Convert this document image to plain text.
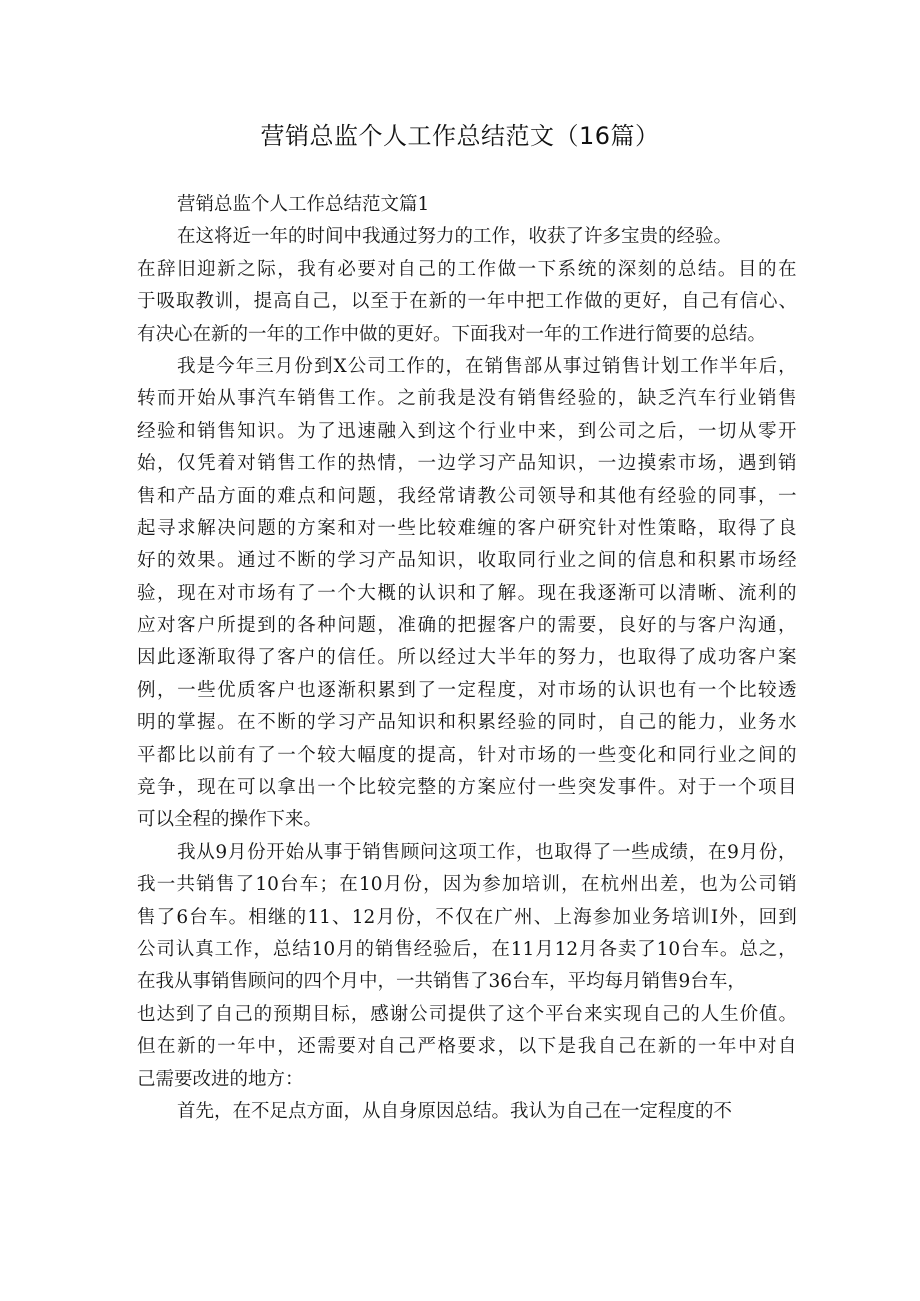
营销总监个人工作总结范文（16篇）
营销总监个人工作总结范文篇1
在这将近一年的时间中我通过努力的工作，收获了许多宝贵的经验。
在 辞 旧 迎 新 之 际 ， 我 有 必 要 对 自 己 的 工 作 做 一 下 系 统 的 深 刻 的 总 结 。 目 的 在
于 吸 取 教 训 ， 提 高 自 己 ， 以 至 于 在 新 的 一 年 中 把 工 作 做 的 更 好 ， 自 己 有 信 心 、
有决心在新的一年的工作中做的更好。下面我对一年的工作进行简要的总结。
我 是 今 年 三 月 份 到 X 公 司 工 作 的 ， 在 销 售 部 从 事 过 销 售 计 划 工 作 半 年 后 ，
转 而 开 始 从 事 汽 车 销 售 工 作 。 之 前 我 是 没 有 销 售 经 验 的 ， 缺 乏 汽 车 行 业 销 售
经 验 和 销 售 知 识 。 为 了 迅 速 融 入 到 这 个 行 业 中 来 ， 到 公 司 之 后 ， 一 切 从 零 开
始 ， 仅 凭 着 对 销 售 工 作 的 热 情 ， 一 边 学 习 产 品 知 识 ， 一 边 摸 索 市 场 ， 遇 到 销
售 和 产 品 方 面 的 难 点 和 问 题 ， 我 经 常 请 教 公 司 领 导 和 其 他 有 经 验 的 同 事 ， 一
起 寻 求 解 决 问 题 的 方 案 和 对 一 些 比 较 难 缠 的 客 户 研 究 针 对 性 策 略 ， 取 得 了 良
好 的 效 果 。 通 过 不 断 的 学 习 产 品 知 识 ， 收 取 同 行 业 之 间 的 信 息 和 积 累 市 场 经
验 ， 现 在 对 市 场 有 了 一 个 大 概 的 认 识 和 了 解 。 现 在 我 逐 渐 可 以 清 晰 、 流 利 的
应 对 客 户 所 提 到 的 各 种 问 题 ， 准 确 的 把 握 客 户 的 需 要 ， 良 好 的 与 客 户 沟 通 ，
因 此 逐 渐 取 得 了 客 户 的 信 任 。 所 以 经 过 大 半 年 的 努 力 ， 也 取 得 了 成 功 客 户 案
例 ， 一 些 优 质 客 户 也 逐 渐 积 累 到 了 一 定 程 度 ， 对 市 场 的 认 识 也 有 一 个 比 较 透
明 的 掌 握 。 在 不 断 的 学 习 产 品 知 识 和 积 累 经 验 的 同 时 ， 自 己 的 能 力 ， 业 务 水
平 都 比 以 前 有 了 一 个 较 大 幅 度 的 提 高 ， 针 对 市 场 的 一 些 变 化 和 同 行 业 之 间 的
竞 争 ， 现 在 可 以 拿 出 一 个 比 较 完 整 的 方 案 应 付 一 些 突 发 事 件 。 对 于 一 个 项 目
可以全程的操作下来。
我 从 9 月 份 开 始 从 事 于 销 售 顾 问 这 项 工 作 ， 也 取 得 了 一 些 成 绩 ， 在 9 月 份 ，
我 一 共 销 售 了 10 台 车 ； 在 10 月 份 ， 因 为 参 加 培 训 ， 在 杭 州 出 差 ， 也 为 公 司 销
售 了 6 台 车 。 相 继 的 11 、 12 月 份 ， 不 仅 在 广 州 、 上 海 参 加 业 务 培 训 I 外 ， 回 到
公 司 认 真 工 作 ， 总 结 10 月 的 销 售 经 验 后 ， 在 11 月 12 月 各 卖 了 10 台 车 。 总 之 ，
在我从事销售顾问的四个月中，一共销售了36台车，平均每月销售9台车，
也 达 到 了 自 己 的 预 期 目 标 ， 感 谢 公 司 提 供 了 这 个 平 台 来 实 现 自 己 的 人 生 价 值 。
但 在 新 的 一 年 中 ， 还 需 要 对 自 己 严 格 要 求 ， 以 下 是 我 自 己 在 新 的 一 年 中 对 自
己需要改进的地方：
首先，在不足点方面，从自身原因总结。我认为自己在一定程度的不
